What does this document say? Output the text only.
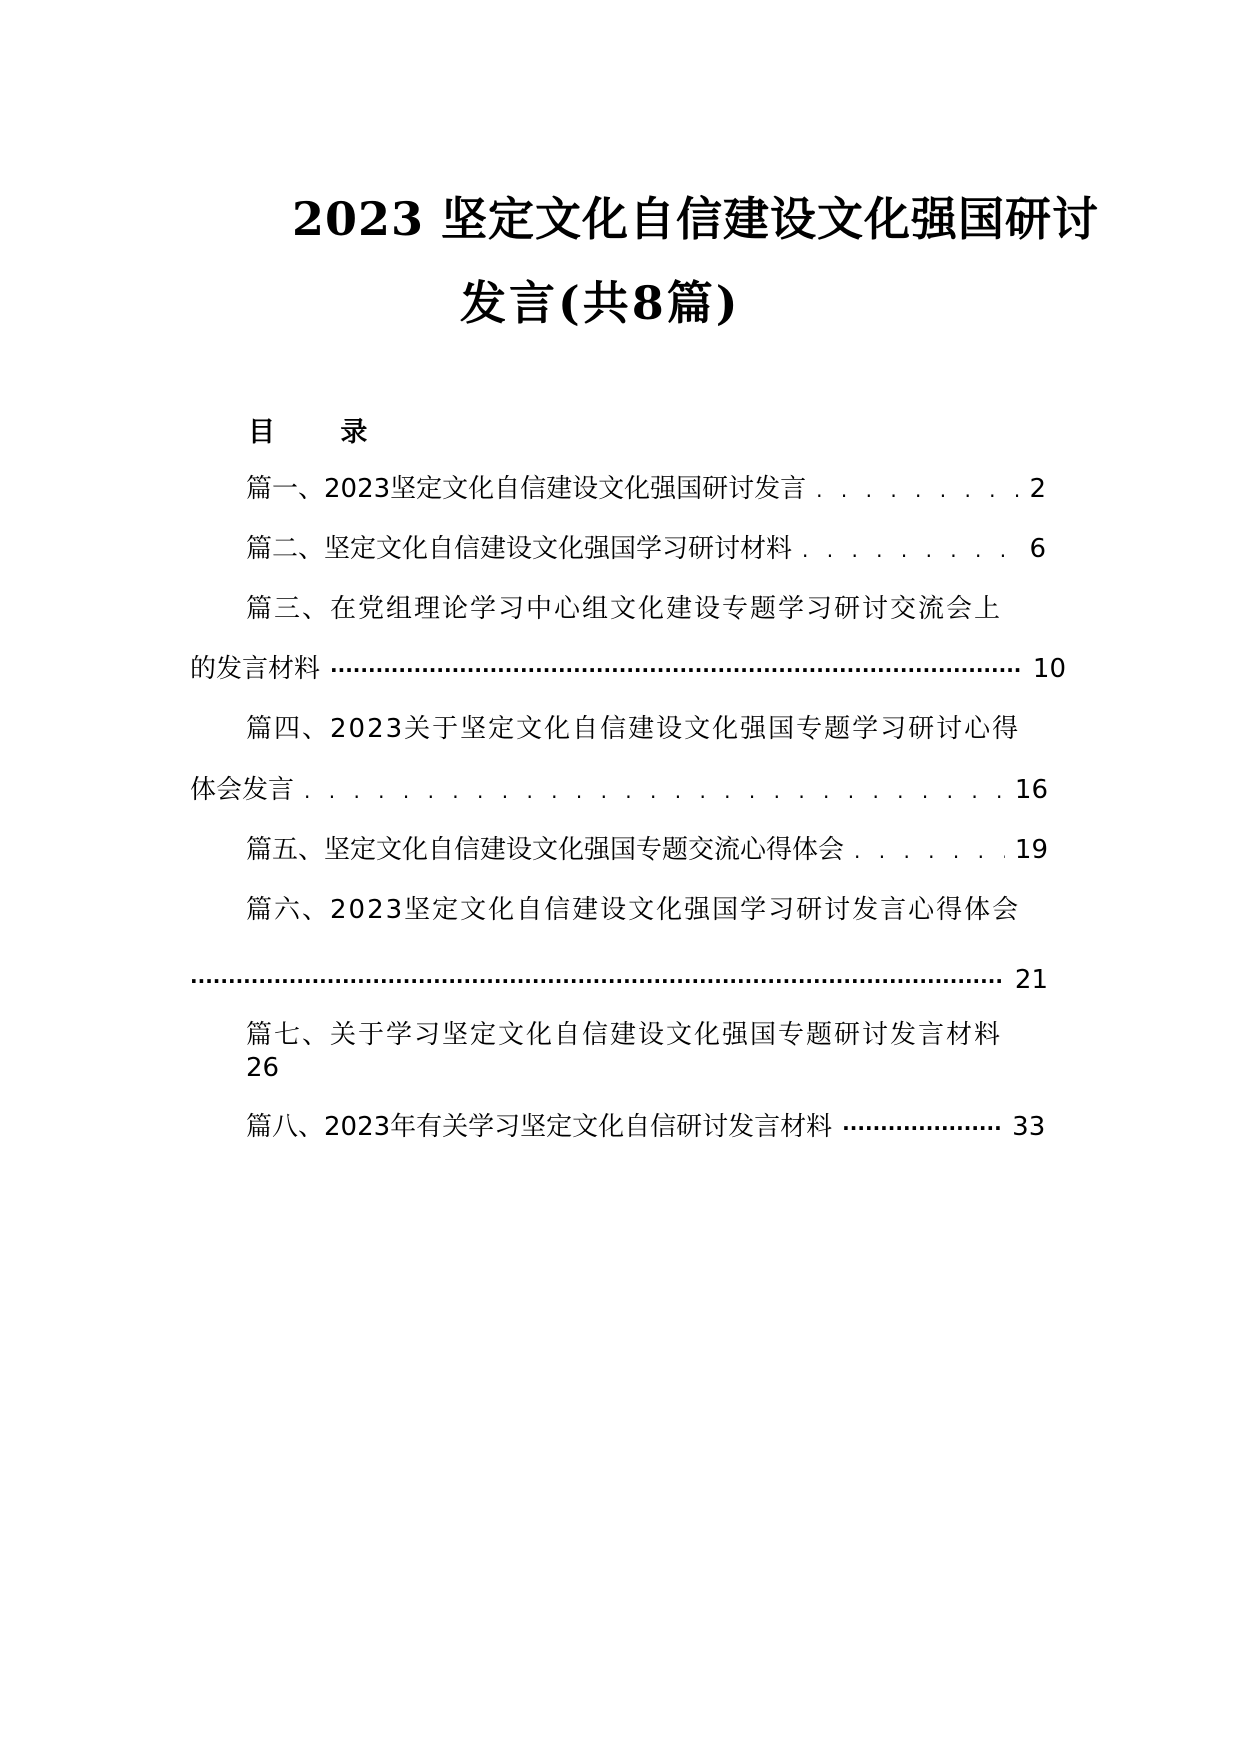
2023 坚定文化自信建设文化强国研讨
发言(共8篇)
目 录
篇一、2023坚定文化自信建设文化强国研讨发言 . . .	2
篇二、坚定文化自信建设文化强国学习研讨材料 . . .	6
篇三、在党组理论学习中心组文化建设专题学习研讨交流会上
的发言材料 ·····	10
篇四、2023关于坚定文化自信建设文化强国专题学习研讨心得
体会发言 . . .	16
篇五、坚定文化自信建设文化强国专题交流心得体会 . . .	19
篇六、2023坚定文化自信建设文化强国学习研讨发言心得体会
·····
21
篇七、关于学习坚定文化自信建设文化强国专题研讨发言材料
26
篇八、2023年有关学习坚定文化自信研讨发言材料 ·····	33
